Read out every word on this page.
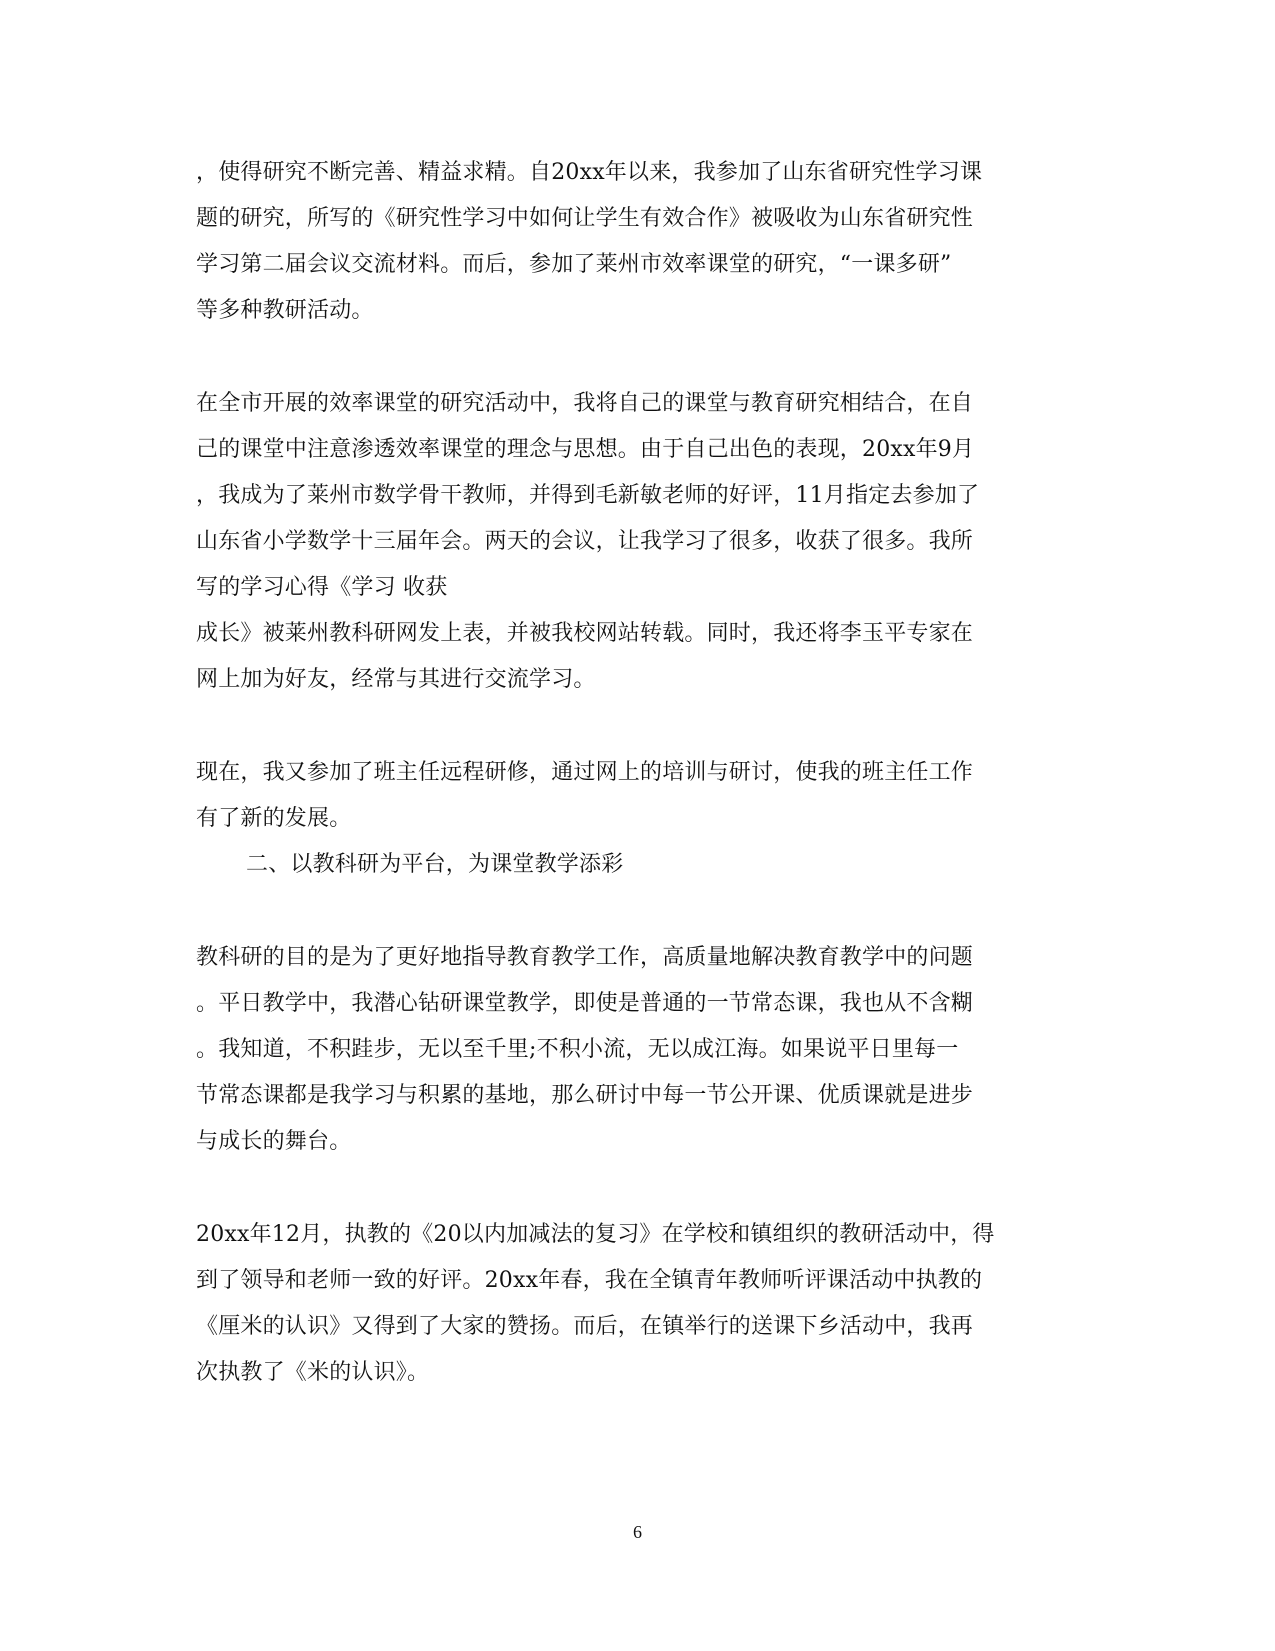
，使得研究不断完善、精益求精。自20xx年以来，我参加了山东省研究性学习课
题的研究，所写的《研究性学习中如何让学生有效合作》被吸收为山东省研究性
学习第二届会议交流材料。而后，参加了莱州市效率课堂的研究，“一课多研”
等多种教研活动。
在全市开展的效率课堂的研究活动中，我将自己的课堂与教育研究相结合，在自
己的课堂中注意渗透效率课堂的理念与思想。由于自己出色的表现，20xx年9月
，我成为了莱州市数学骨干教师，并得到毛新敏老师的好评，11月指定去参加了
山东省小学数学十三届年会。两天的会议，让我学习了很多，收获了很多。我所
写的学习心得《学习 收获
成长》被莱州教科研网发上表，并被我校网站转载。同时，我还将李玉平专家在
网上加为好友，经常与其进行交流学习。
现在，我又参加了班主任远程研修，通过网上的培训与研讨，使我的班主任工作
有了新的发展。
二、以教科研为平台，为课堂教学添彩
教科研的目的是为了更好地指导教育教学工作，高质量地解决教育教学中的问题
。平日教学中，我潜心钻研课堂教学，即使是普通的一节常态课，我也从不含糊
。我知道，不积跬步，无以至千里;不积小流，无以成江海。如果说平日里每一
节常态课都是我学习与积累的基地，那么研讨中每一节公开课、优质课就是进步
与成长的舞台。
20xx年12月，执教的《20以内加减法的复习》在学校和镇组织的教研活动中，得
到了领导和老师一致的好评。20xx年春，我在全镇青年教师听评课活动中执教的
《厘米的认识》又得到了大家的赞扬。而后，在镇举行的送课下乡活动中，我再
次执教了《米的认识》。
6
